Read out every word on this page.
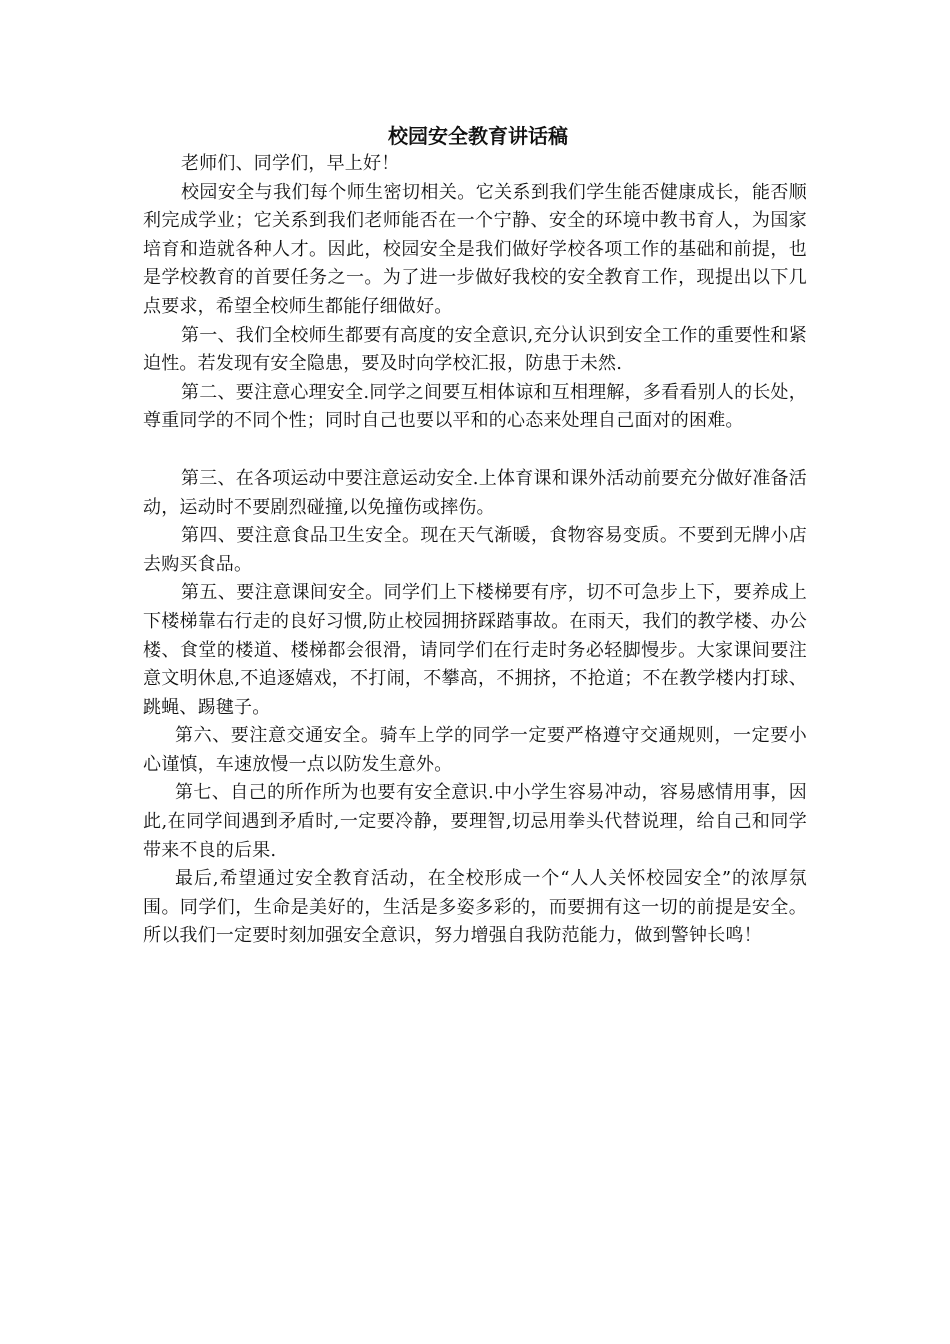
校园安全教育讲话稿

老师们、同学们，早上好！

校园安全与我们每个师生密切相关。它关系到我们学生能否健康成长，能否顺利完成学业；它关系到我们老师能否在一个宁静、安全的环境中教书育人，为国家培育和造就各种人才。因此，校园安全是我们做好学校各项工作的基础和前提，也是学校教育的首要任务之一。为了进一步做好我校的安全教育工作，现提出以下几点要求，希望全校师生都能仔细做好。

第一、我们全校师生都要有高度的安全意识,充分认识到安全工作的重要性和紧迫性。若发现有安全隐患，要及时向学校汇报，防患于未然.

第二、要注意心理安全.同学之间要互相体谅和互相理解，多看看别人的长处，尊重同学的不同个性；同时自己也要以平和的心态来处理自己面对的困难。

第三、在各项运动中要注意运动安全.上体育课和课外活动前要充分做好准备活动，运动时不要剧烈碰撞,以免撞伤或摔伤。

第四、要注意食品卫生安全。现在天气渐暖，食物容易变质。不要到无牌小店去购买食品。

第五、要注意课间安全。同学们上下楼梯要有序，切不可急步上下，要养成上下楼梯靠右行走的良好习惯,防止校园拥挤踩踏事故。在雨天，我们的教学楼、办公楼、食堂的楼道、楼梯都会很滑，请同学们在行走时务必轻脚慢步。大家课间要注意文明休息,不追逐嬉戏，不打闹，不攀高，不拥挤，不抢道；不在教学楼内打球、跳蝇、踢毽子。

第六、要注意交通安全。骑车上学的同学一定要严格遵守交通规则，一定要小心谨慎，车速放慢一点以防发生意外。

第七、自己的所作所为也要有安全意识.中小学生容易冲动，容易感情用事，因此,在同学间遇到矛盾时,一定要冷静，要理智,切忌用拳头代替说理，给自己和同学带来不良的后果.

最后,希望通过安全教育活动，在全校形成一个“人人关怀校园安全”的浓厚氛围。同学们，生命是美好的，生活是多姿多彩的，而要拥有这一切的前提是安全。所以我们一定要时刻加强安全意识，努力增强自我防范能力，做到警钟长鸣！
